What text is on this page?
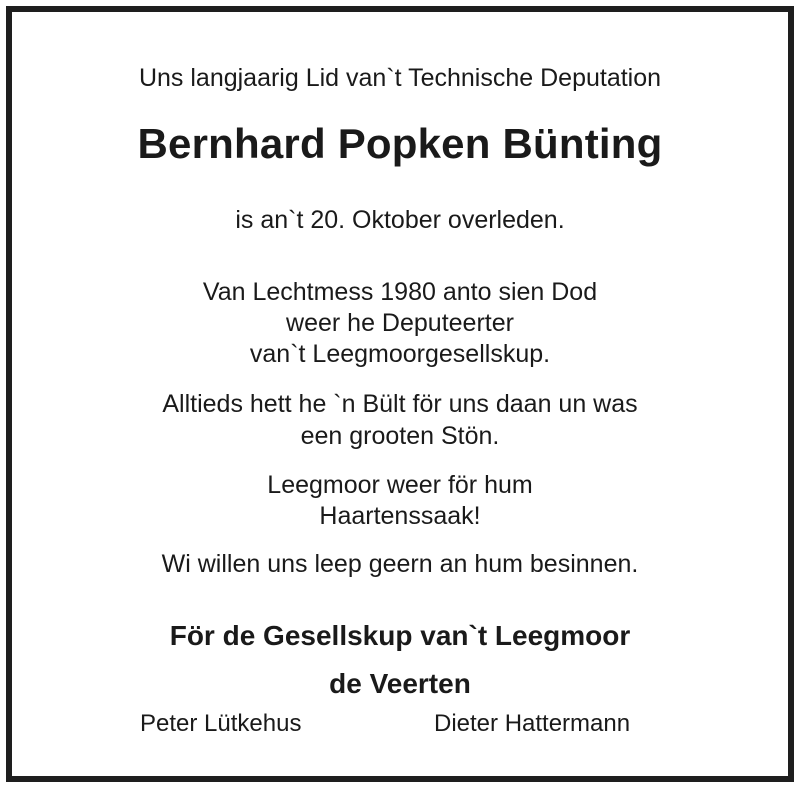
Uns langjaarig Lid van`t Technische Deputation
Bernhard Popken Bünting
is an`t 20. Oktober overleden.
Van Lechtmess 1980 anto sien Dod
weer he Deputeerter
van`t Leegmoorgesellskup.
Alltieds hett he `n Bült för uns daan un was
een grooten Stön.
Leegmoor weer för hum
Haartenssaak!
Wi willen uns leep geern an hum besinnen.
För de Gesellskup van`t Leegmoor
de Veerten
Peter Lütkehus	Dieter Hattermann
